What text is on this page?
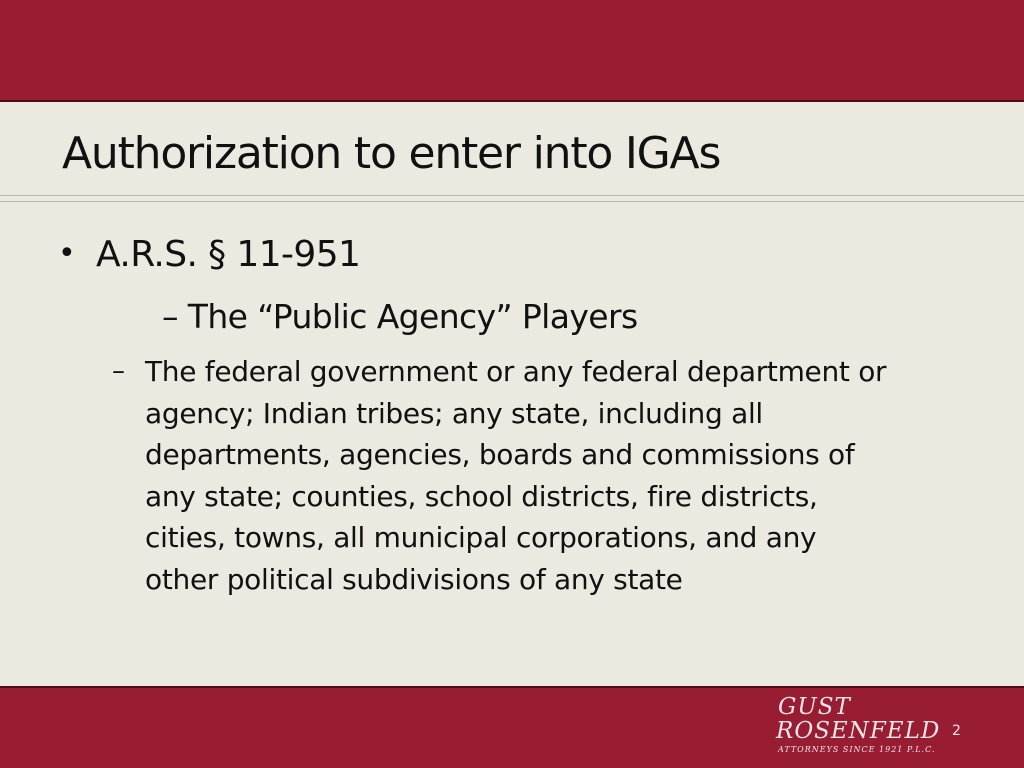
Authorization to enter into IGAs
• A.R.S. § 11-951
– The “Public Agency” Players
– The federal government or any federal department or
agency; Indian tribes; any state, including all
departments, agencies, boards and commissions of
any state; counties, school districts, fire districts,
cities, towns, all municipal corporations, and any
other political subdivisions of any state
GUST
ROSENFELD
ATTORNEYS SINCE 1921 P.L.C.
2
